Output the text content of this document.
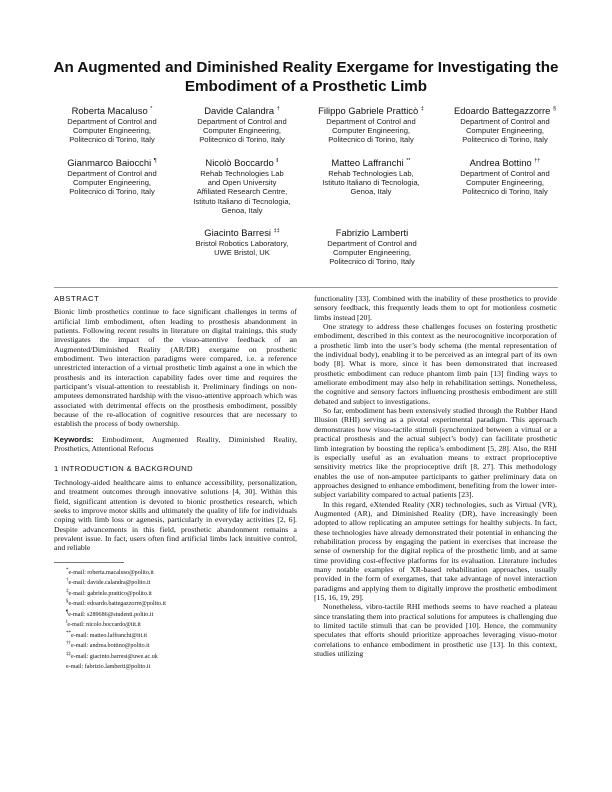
An Augmented and Diminished Reality Exergame for Investigating the
Embodiment of a Prosthetic Limb
Roberta Macaluso *
Department of Control and
Computer Engineering,
Politecnico di Torino, Italy
Davide Calandra †
Department of Control and
Computer Engineering,
Politecnico di Torino, Italy
Filippo Gabriele Pratticò ‡
Department of Control and
Computer Engineering,
Politecnico di Torino, Italy
Edoardo Battegazzorre §
Department of Control and
Computer Engineering,
Politecnico di Torino, Italy
Gianmarco Baiocchi ¶
Department of Control and
Computer Engineering,
Politecnico di Torino, Italy
Nicolò Boccardo ‖
Rehab Technologies Lab
and Open University
Affiliated Research Centre,
Istituto Italiano di Tecnologia,
Genoa, Italy
Matteo Laffranchi **
Rehab Technologies Lab,
Istituto Italiano di Tecnologia,
Genoa, Italy
Andrea Bottino ††
Department of Control and
Computer Engineering,
Politecnico di Torino, Italy
Giacinto Barresi ‡‡
Bristol Robotics Laboratory,
UWE Bristol, UK
Fabrizio Lamberti
Department of Control and
Computer Engineering,
Politecnico di Torino, Italy
ABSTRACT

Bionic limb prosthetics continue to face significant challenges in terms of artificial limb embodiment, often leading to prosthesis abandonment in patients. Following recent results in literature on digital trainings, this study investigates the impact of the visuo-attentive feedback of an Augmented/Diminished Reality (AR/DR) exergame on prosthetic embodiment. Two interaction paradigms were compared, i.e. a reference unrestricted interaction of a virtual prosthetic limb against a one in which the prosthesis and its interaction capability fades over time and requires the participant’s visual-attention to reestablish it. Preliminary findings on non-amputees demonstrated hardship with the visuo-attentive approach which was associated with detrimental effects on the prosthesis embodiment, possibly because of the re-allocation of cognitive resources that are necessary to establish the process of body ownership.

Keywords: Embodiment, Augmented Reality, Diminished Reality, Prosthetics, Attentional Refocus

1 INTRODUCTION & BACKGROUND

Technology-aided healthcare aims to enhance accessibility, personalization, and treatment outcomes through innovative solutions [4, 30]. Within this field, significant attention is devoted to bionic prosthetics research, which seeks to improve motor skills and ultimately the quality of life for individuals coping with limb loss or agenesis, particularly in everyday activities [2, 6]. Despite advancements in this field, prosthetic abandonment remains a prevalent issue. In fact, users often find artificial limbs lack intuitive control, and reliable

*e-mail: roberta.macaluso@polito.it
†e-mail: davide.calandra@polito.it
‡e-mail: gabriele.prattico@polito.it
§e-mail: edoardo.battegazzorre@polito.it
¶e-mail: s289686@studenti.polito.it
‖e-mail: nicolo.boccardo@iit.it
**e-mail: matteo.laffranchi@iit.it
††e-mail: andrea.bottino@polito.it
‡‡e-mail: giacinto.barresi@uwe.ac.uk
e-mail: fabrizio.lamberti@polito.it

functionality [33]. Combined with the inability of these prosthetics to provide sensory feedback, this frequently leads them to opt for motionless cosmetic limbs instead [20].

One strategy to address these challenges focuses on fostering prosthetic embodiment, described in this context as the neurocognitive incorporation of a prosthetic limb into the user’s body schema (the mental representation of the individual body), enabling it to be perceived as an integral part of its own body [8]. What is more, since it has been demonstrated that increased prosthetic embodiment can reduce phantom limb pain [13] finding ways to ameliorate embodiment may also help in rehabilitation settings. Nonetheless, the cognitive and sensory factors influencing prosthesis embodiment are still debated and subject to investigations.

So far, embodiment has been extensively studied through the Rubber Hand Illusion (RHI) serving as a pivotal experimental paradigm. This approach demonstrates how visuo-tactile stimuli (synchronized between a virtual or a practical prosthesis and the actual subject’s body) can facilitate prosthetic limb integration by boosting the replica’s embodiment [5, 28]. Also, the RHI is especially useful as an evaluation means to extract proprioceptive sensitivity metrics like the proprioceptive drift [8, 27]. This methodology enables the use of non-amputee participants to gather preliminary data on approaches designed to enhance embodiment, benefiting from the lower inter-subject variability compared to actual patients [23].

In this regard, eXtended Reality (XR) technologies, such as Virtual (VR), Augmented (AR), and Diminished Reality (DR), have increasingly been adopted to allow replicating an amputee settings for healthy subjects. In fact, these technologies have already demonstrated their potential in enhancing the rehabilitation process by engaging the patient in exercises that increase the sense of ownership for the digital replica of the prosthetic limb, and at same time providing cost-effective platforms for its evaluation. Literature includes many notable examples of XR-based rehabilitation approaches, usually provided in the form of exergames, that take advantage of novel interaction paradigms and applying them to digitally improve the prosthetic embodiment [15, 16, 19, 29].

Nonetheless, vibro-tactile RHI methods seems to have reached a plateau since translating them into practical solutions for amputees is challenging due to limited tactile stimuli that can be provided [10]. Hence, the community speculates that efforts should prioritize approaches leveraging visuo-motor correlations to enhance embodiment in prosthetic use [13]. In this context, studies utilizing
